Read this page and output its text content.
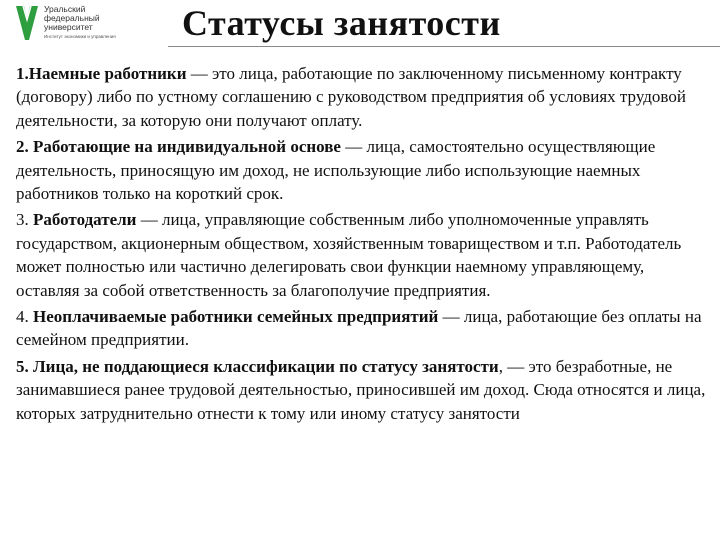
Уральский
федеральный
университет
Институт экономики и управления	Статусы занятости

1.Наемные работники — это лица, работающие по заключенному письменному контракту (договору) либо по устному соглашению с руководством предприятия об условиях трудовой деятельности, за которую они получают оплату.

2. Работающие на индивидуальной основе — лица, самостоятельно осуществляющие деятельность, приносящую им доход, не использующие либо использующие наемных работников только на короткий срок.

3. Работодатели — лица, управляющие собственным либо уполномоченные управлять государством, акционерным обществом, хозяйственным товариществом и т.п. Работодатель может полностью или частично делегировать свои функции наемному управляющему, оставляя за собой ответственность за благополучие предприятия.

4. Неоплачиваемые работники семейных предприятий — лица, работающие без оплаты на семейном предприятии.

5. Лица, не поддающиеся классификации по статусу занятости, — это безработные, не занимавшиеся ранее трудовой деятельностью, приносившей им доход. Сюда относятся и лица, которых затруднительно отнести к тому или иному статусу занятости
